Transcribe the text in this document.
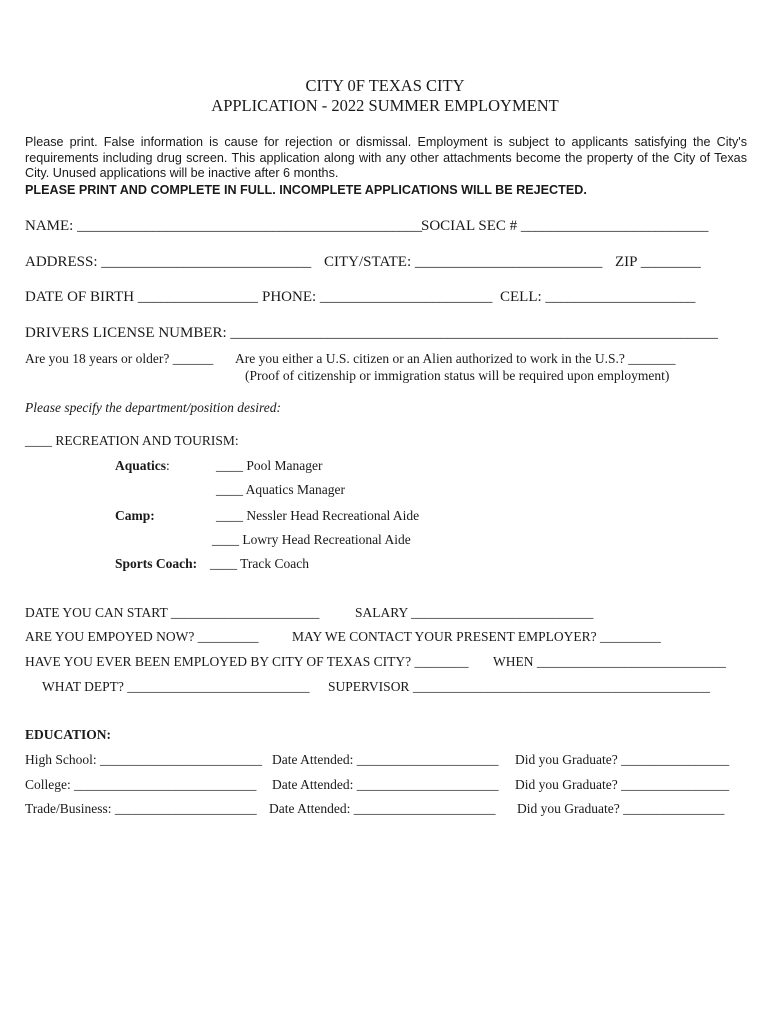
CITY 0F TEXAS CITY
APPLICATION - 2022 SUMMER EMPLOYMENT
Please print. False information is cause for rejection or dismissal. Employment is subject to applicants satisfying the City's requirements including drug screen. This application along with any other attachments become the property of the City of Texas City. Unused applications will be inactive after 6 months.
PLEASE PRINT AND COMPLETE IN FULL. INCOMPLETE APPLICATIONS WILL BE REJECTED.
NAME: ______________________________________________
SOCIAL SEC # _________________________
ADDRESS: ____________________________ CITY/STATE: _________________________ ZIP ________
DATE OF BIRTH ________________ PHONE: _______________________ CELL: ____________________
DRIVERS LICENSE NUMBER: _________________________________________________________________
Are you 18 years or older? ______ Are you either a U.S. citizen or an Alien authorized to work in the U.S.? _______
(Proof of citizenship or immigration status will be required upon employment)
Please specify the department/position desired:
____ RECREATION AND TOURISM:
Aquatics:	____ Pool Manager
____ Aquatics Manager
Camp:	____ Nessler Head Recreational Aide
____ Lowry Head Recreational Aide
Sports Coach: ____ Track Coach
DATE YOU CAN START ______________________	SALARY ___________________________
ARE YOU EMPOYED NOW? _________ MAY WE CONTACT YOUR PRESENT EMPLOYER? _________
HAVE YOU EVER BEEN EMPLOYED BY CITY OF TEXAS CITY? ________ WHEN ____________________________
WHAT DEPT? ___________________________ SUPERVISOR ____________________________________________
EDUCATION:
High School: ________________________ Date Attended: _____________________ Did you Graduate? ________________
College: ___________________________ Date Attended: _____________________ Did you Graduate? ________________
Trade/Business: _____________________ Date Attended: _____________________ Did you Graduate? _______________
